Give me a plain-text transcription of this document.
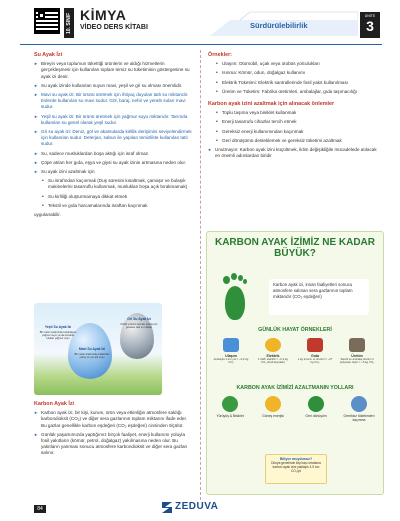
10. SINIF KİMYA
VİDEO DERS KİTABI	Sürdürülebilirlik
ÜNİTE
3
Su Ayak İzi
► Bireyin veya toplumun tükettiği ürünlerin ve aldığı hizmetlerin gerçekleşmesi için kullanılan toplam temiz su tüketiminin göstergesine su ayak izi denir.
► Su ayak izinde kullanılan suyun mavi, yeşil ve gri su olması önemlidir.
► Mavi su ayak izi: Bir ürünü üretmek için ihtiyaç duyulan tatlı su miktarıdır. Evlerde kullanılan su mavi sudur. Göl, baraj, nehir ve yeraltı suları mavi sudur.
► Yeşil su ayak izi: Bir ürünü üretmek için yağmur suyu miktarıdır. Tarımda kullanılan su genel olarak yeşil sudur.
► Gri su ayak izi: Deniz, göl ve akarsularda kirlilik derişimini seviyelendirmek için kullanılan sudur. Deterjan, sabun ile yapılan temizlikte kullanılan tatlı sudur.
► Su, sadece musluklardan boşa aktığı için israf olmaz.
► Çöpe atılan her gıda, eşya ve giysi su ayak izinin artmasına neden olur.
► Su ayak izini azaltmak için
• Su israfından kaçınmak (Duş süresini kısaltmak, çamaşır ve bulaşık makinelerini tasarruflu kullanmak, musluklan boşa açık bırakmamak)
• Su kirliliği oluşturmamaya dikkat etmek
• Tekstil ve gıda harcamalarında israftan kaçınmak

uygulanabilir.

Yeşil Su Ayak İzi
Bir malın üretiminde buharlaşan yağmur suyu ya da toprakta tutulan yağmur suyu
Mavi Su Ayak İzi
Bir malın üretiminde kullanılan yüzey ve yer altı suyu
Gri Su Ayak İzi
Kirlilik yükünü asimile etmek için gereken tatlı su miktarı
Karbon Ayak İzi
► Karbon ayak izi, bir kişi, kurum, ürün veya etkinliğin atmosfere saldığı karbondioksit (CO₂) ve diğer sera gazlarının toplam miktarını ifade eder. Bu gazlar genellikle karbon eşdeğeri (CO₂ eşdeğeri) cinsinden ölçülür.
► Günlük yaşamımızda yaptığımız birçok faaliyet, enerji kullanımı yoluyla fosil yakıtların (kömür, petrol, doğalgaz) yakılmasına neden olur. Bu yakıtların yanması sonucu atmosfere karbondioksit ve diğer sera gazları salınır.
Örnekler:
• Ulaşım: Otomobil, uçak veya otobüs yolculukları
• Isınma: Kömür, odun, doğalgaz kullanımı
• Elektrik Tüketimi: Elektrik santrallerinde fosil yakıt kullanılması
• Üretim ve Tüketim: Fabrika üretimleri, ambalajlar, gıda taşımacılığı
Karbon ayak izini azaltmak için alınacak önlemler
• Toplu taşıma veya bisiklet kullanmak
• Enerji tasarrufu cihazlar tercih etmek
• Gereksiz enerji kullanımından kaçınmak
• Geri dönüşümü desteklemek ve gereksiz tüketimi azaltmak
► Unutmayın: Karbon ayak izini küçültmek, iklim değişikliğile mücadelede atılacak en önemli adımlardan biridir
KARBON AYAK İZİMİZ NE KADAR BÜYÜK?
Karbon ayak izi, insan faaliyetleri sonucu atmosfere salınan sera gazlarının toplam miktarıdır (CO₂ eşdeğeri)
GÜNLÜK HAYAT ÖRNEKLERİ
Ulaşım
Arabayla 1 km yol = ~0.2 kg CO₂
Elektrik
1 kWh elektrik = ~0.4 kg CO₂ (fosil kaynaklı)
Gıda
1 kg kırmızı et üretimi = ~27 kg CO₂
Üretim
Tekstil ve ambalaj üretimi 1 polyester tişört = ~5 kg CO₂
KARBON AYAK İZİMİZİ AZALTMANIN YOLLARI
Yürüyüş & Bisiklet	Güneş enerjisi	Geri dönüşüm	Gereksiz tüketimden kaçınma
Biliyor muydunuz?
Dünya genelinde kişi başı ortalama karbon ayak izini yaklaşık 4.5 ton CO₂/yıl
84	ZEDUVA
